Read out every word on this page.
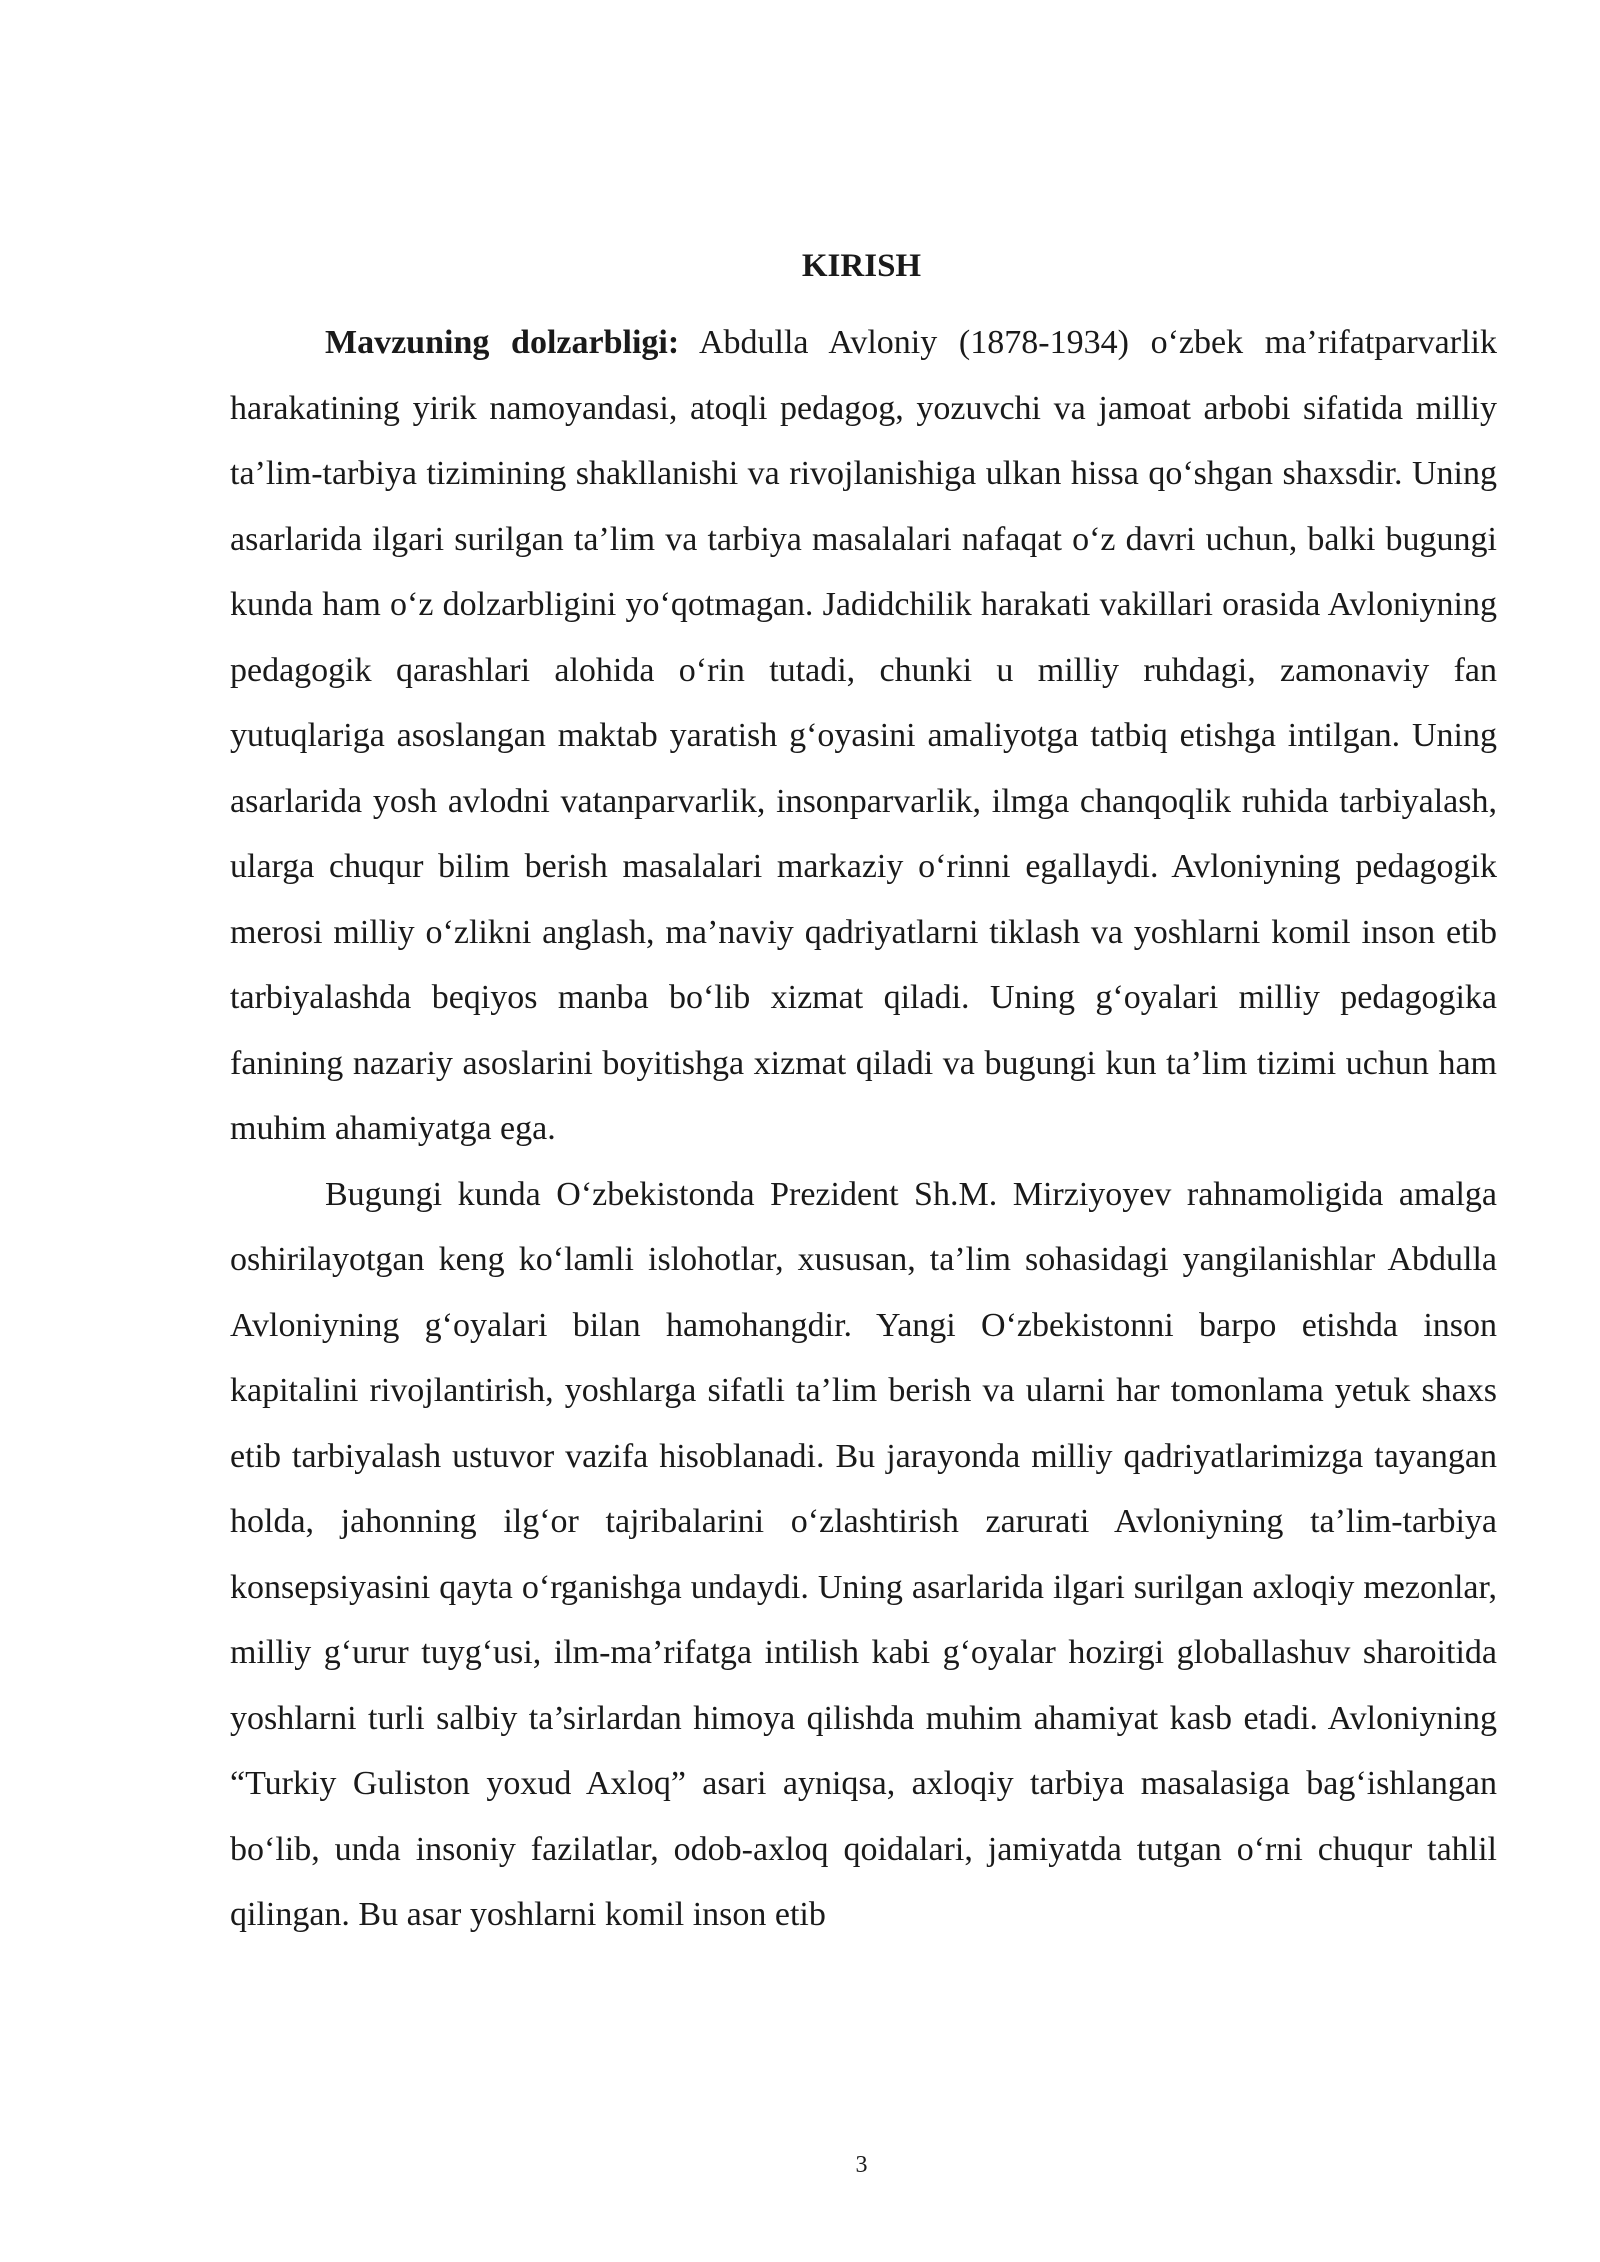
KIRISH

Mavzuning dolzarbligi: Abdulla Avloniy (1878-1934) o‘zbek ma’rifatparvarlik harakatining yirik namoyandasi, atoqli pedagog, yozuvchi va jamoat arbobi sifatida milliy ta’lim-tarbiya tizimining shakllanishi va rivojlanishiga ulkan hissa qo‘shgan shaxsdir. Uning asarlarida ilgari surilgan ta’lim va tarbiya masalalari nafaqat o‘z davri uchun, balki bugungi kunda ham o‘z dolzarbligini yo‘qotmagan. Jadidchilik harakati vakillari orasida Avloniyning pedagogik qarashlari alohida o‘rin tutadi, chunki u milliy ruhdagi, zamonaviy fan yutuqlariga asoslangan maktab yaratish g‘oyasini amaliyotga tatbiq etishga intilgan. Uning asarlarida yosh avlodni vatanparvarlik, insonparvarlik, ilmga chanqoqlik ruhida tarbiyalash, ularga chuqur bilim berish masalalari markaziy o‘rinni egallaydi. Avloniyning pedagogik merosi milliy o‘zlikni anglash, ma’naviy qadriyatlarni tiklash va yoshlarni komil inson etib tarbiyalashda beqiyos manba bo‘lib xizmat qiladi. Uning g‘oyalari milliy pedagogika fanining nazariy asoslarini boyitishga xizmat qiladi va bugungi kun ta’lim tizimi uchun ham muhim ahamiyatga ega.

Bugungi kunda O‘zbekistonda Prezident Sh.M. Mirziyoyev rahnamoligida amalga oshirilayotgan keng ko‘lamli islohotlar, xususan, ta’lim sohasidagi yangilanishlar Abdulla Avloniyning g‘oyalari bilan hamohangdir. Yangi O‘zbekistonni barpo etishda inson kapitalini rivojlantirish, yoshlarga sifatli ta’lim berish va ularni har tomonlama yetuk shaxs etib tarbiyalash ustuvor vazifa hisoblanadi. Bu jarayonda milliy qadriyatlarimizga tayangan holda, jahonning ilg‘or tajribalarini o‘zlashtirish zarurati Avloniyning ta’lim-tarbiya konsepsiyasini qayta o‘rganishga undaydi. Uning asarlarida ilgari surilgan axloqiy mezonlar, milliy g‘urur tuyg‘usi, ilm-ma’rifatga intilish kabi g‘oyalar hozirgi globallashuv sharoitida yoshlarni turli salbiy ta’sirlardan himoya qilishda muhim ahamiyat kasb etadi. Avloniyning “Turkiy Guliston yoxud Axloq” asari ayniqsa, axloqiy tarbiya masalasiga bag‘ishlangan bo‘lib, unda insoniy fazilatlar, odob-axloq qoidalari, jamiyatda tutgan o‘rni chuqur tahlil qilingan. Bu asar yoshlarni komil inson etib

3
